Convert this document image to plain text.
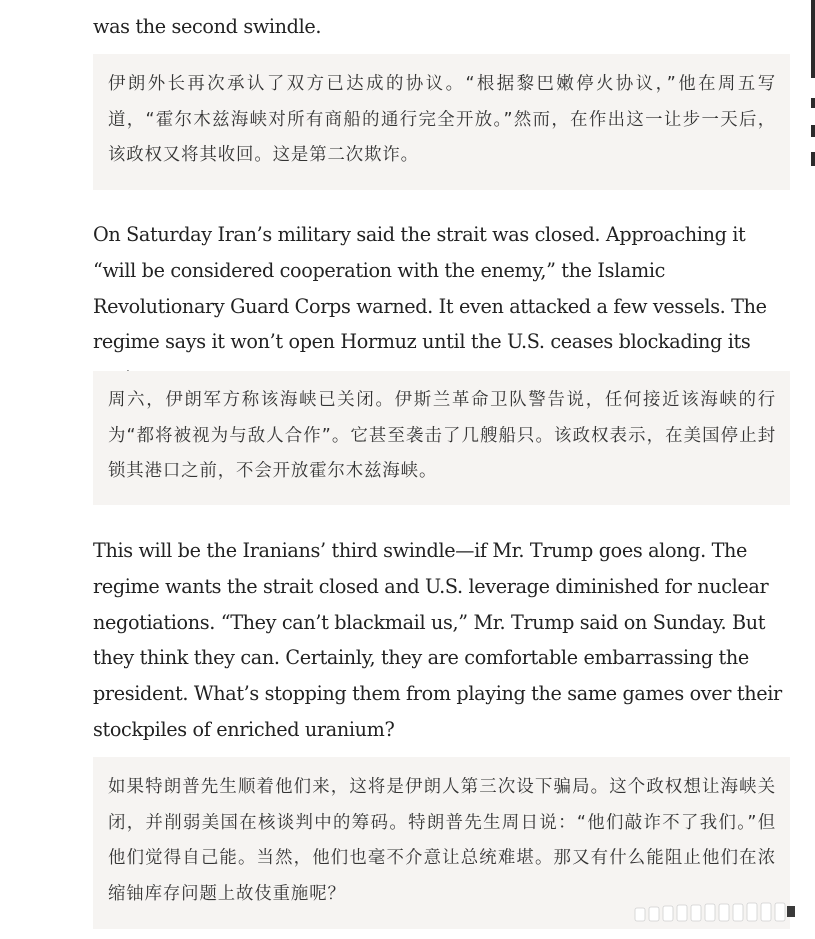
was the second swindle.

伊朗外长再次承认了双方已达成的协议。“根据黎巴嫩停火协议，”他在周五写道，“霍尔木兹海峡对所有商船的通行完全开放。”然而，在作出这一让步一天后，该政权又将其收回。这是第二次欺诈。

On Saturday Iran’s military said the strait was closed. Approaching it “will be considered cooperation with the enemy,” the Islamic Revolutionary Guard Corps warned. It even attacked a few vessels. The regime says it won’t open Hormuz until the U.S. ceases blockading its

周六，伊朗军方称该海峡已关闭。伊斯兰革命卫队警告说，任何接近该海峡的行为“都将被视为与敌人合作”。它甚至袭击了几艘船只。该政权表示，在美国停止封锁其港口之前，不会开放霍尔木兹海峡。

This will be the Iranians’ third swindle—if Mr. Trump goes along. The regime wants the strait closed and U.S. leverage diminished for nuclear negotiations. “They can’t blackmail us,” Mr. Trump said on Sunday. But they think they can. Certainly, they are comfortable embarrassing the president. What’s stopping them from playing the same games over their stockpiles of enriched uranium?

如果特朗普先生顺着他们来，这将是伊朗人第三次设下骗局。这个政权想让海峡关闭，并削弱美国在核谈判中的筹码。特朗普先生周日说：“他们敲诈不了我们。”但他们觉得自己能。当然，他们也毫不介意让总统难堪。那又有什么能阻止他们在浓缩铀库存问题上故伎重施呢？
